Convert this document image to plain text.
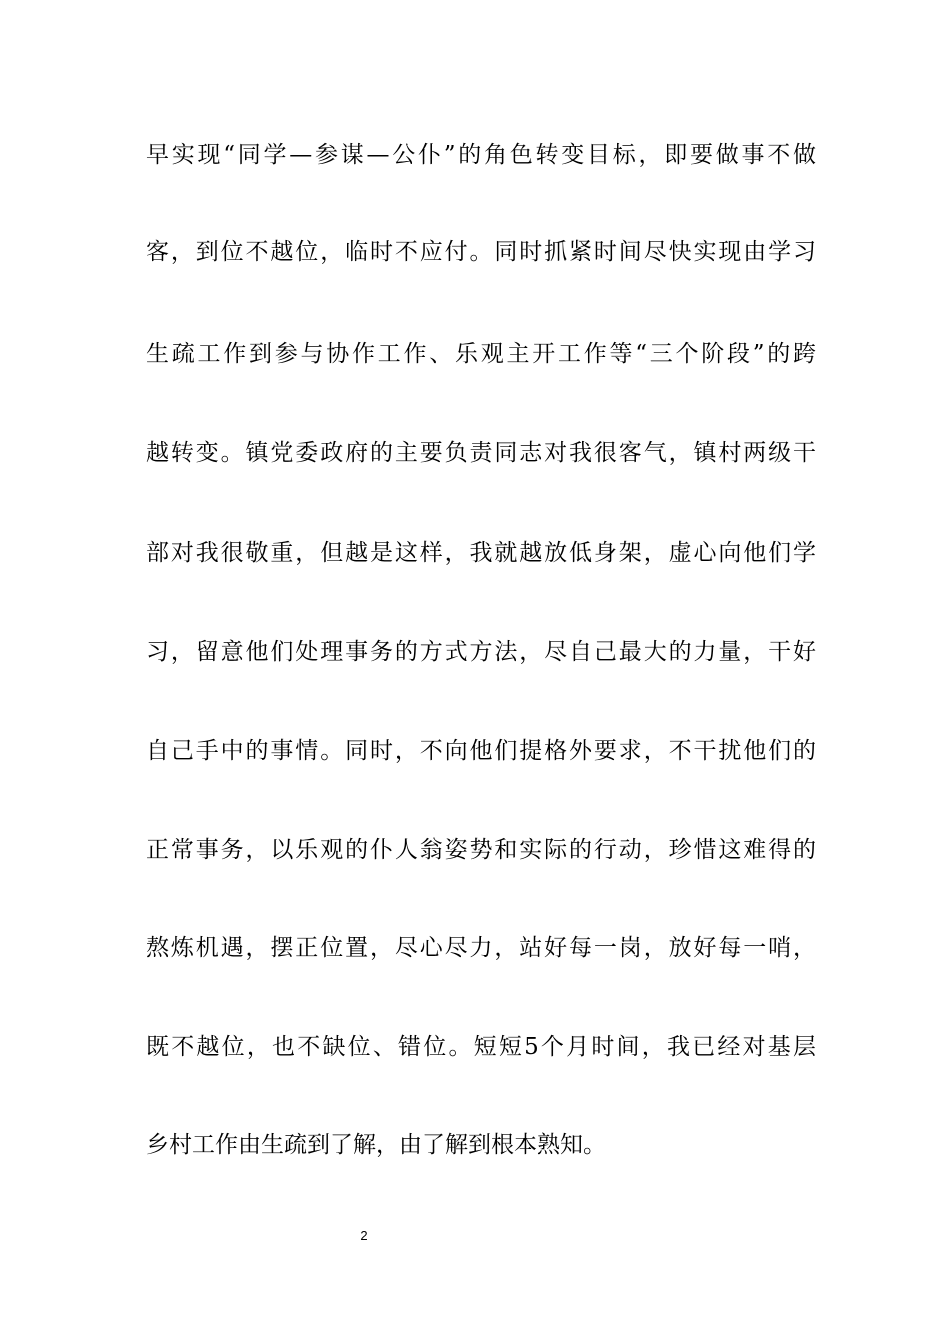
早实现“同学—参谋—公仆”的角色转变目标，即要做事不做
客，到位不越位，临时不应付。同时抓紧时间尽快实现由学习
生疏工作到参与协作工作、乐观主开工作等“三个阶段”的跨
越转变。镇党委政府的主要负责同志对我很客气，镇村两级干
部对我很敬重，但越是这样，我就越放低身架，虚心向他们学
习，留意他们处理事务的方式方法，尽自己最大的力量，干好
自己手中的事情。同时，不向他们提格外要求，不干扰他们的
正常事务，以乐观的仆人翁姿势和实际的行动，珍惜这难得的
熬炼机遇，摆正位置，尽心尽力，站好每一岗，放好每一哨，
既不越位，也不缺位、错位。短短5个月时间，我已经对基层
乡村工作由生疏到了解，由了解到根本熟知。
2
